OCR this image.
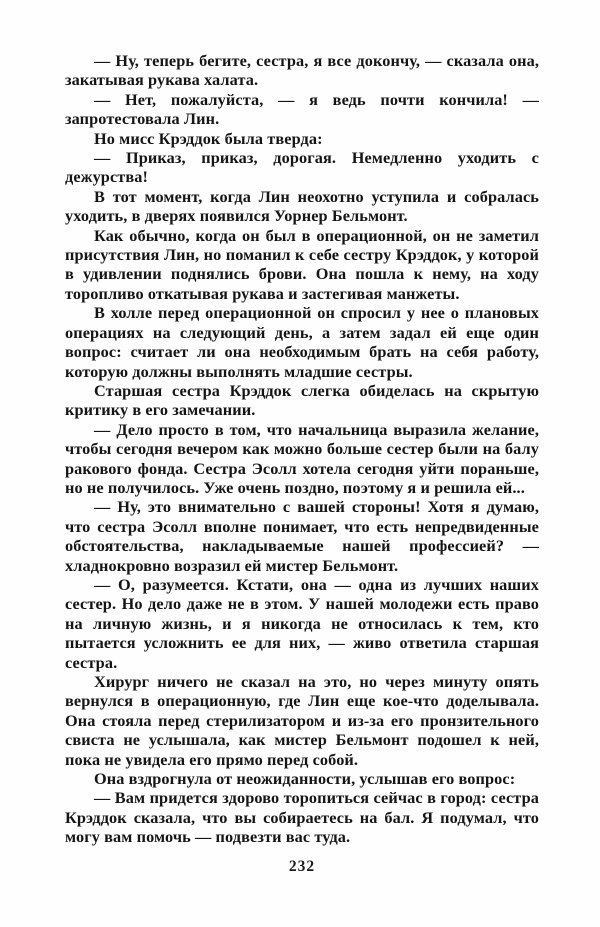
— Ну, теперь бегите, сестра, я все докончу, — сказала она, закатывая рукава халата.

— Нет, пожалуйста, — я ведь почти кончила! — запротестовала Лин.

Но мисс Крэддок была тверда:

— Приказ, приказ, дорогая. Немедленно уходить с дежурства!

В тот момент, когда Лин неохотно уступила и собралась уходить, в дверях появился Уорнер Бельмонт.

Как обычно, когда он был в операционной, он не заметил присутствия Лин, но поманил к себе сестру Крэддок, у которой в удивлении поднялись брови. Она пошла к нему, на ходу торопливо откатывая рукава и застегивая манжеты.

В холле перед операционной он спросил у нее о плановых операциях на следующий день, а затем задал ей еще один вопрос: считает ли она необходимым брать на себя работу, которую должны выполнять младшие сестры.

Старшая сестра Крэддок слегка обиделась на скрытую критику в его замечании.

— Дело просто в том, что начальница выразила желание, чтобы сегодня вечером как можно больше сестер были на балу ракового фонда. Сестра Эсолл хотела сегодня уйти пораньше, но не получилось. Уже очень поздно, поэтому я и решила ей...

— Ну, это внимательно с вашей стороны! Хотя я думаю, что сестра Эсолл вполне понимает, что есть непредвиденные обстоятельства, накладываемые нашей профессией? — хладнокровно возразил ей мистер Бельмонт.

— О, разумеется. Кстати, она — одна из лучших наших сестер. Но дело даже не в этом. У нашей молодежи есть право на личную жизнь, и я никогда не относилась к тем, кто пытается усложнить ее для них, — живо ответила старшая сестра.

Хирург ничего не сказал на это, но через минуту опять вернулся в операционную, где Лин еще кое-что доделывала. Она стояла перед стерилизатором и из-за его пронзительного свиста не услышала, как мистер Бельмонт подошел к ней, пока не увидела его прямо перед собой.

Она вздрогнула от неожиданности, услышав его вопрос:

— Вам придется здорово торопиться сейчас в город: сестра Крэддок сказала, что вы собираетесь на бал. Я подумал, что могу вам помочь — подвезти вас туда.

232
